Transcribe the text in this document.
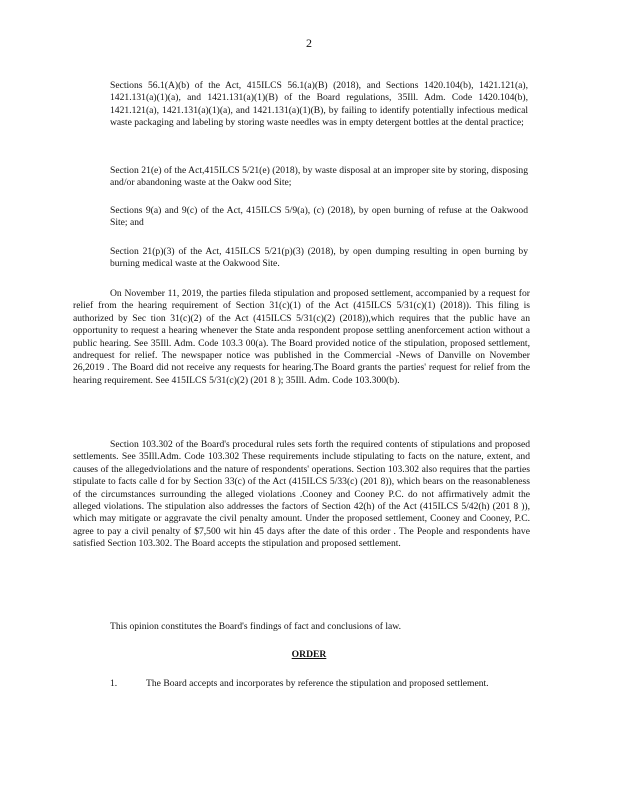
2
Sections 56.1(A)(b) of the Act, 415ILCS 56.1(a)(B) (2018), and Sections 1420.104(b), 1421.121(a), 1421.131(a)(1)(a), and 1421.131(a)(1)(B) of the Board regulations, 35Ill. Adm. Code 1420.104(b), 1421.121(a), 1421.131(a)(1)(a), and 1421.131(a)(1)(B), by failing to identify potentially infectious medical waste packaging and labeling by storing waste needles was in empty detergent bottles at the dental practice;
Section 21(e) of the Act,415ILCS 5/21(e) (2018), by waste disposal at an improper site by storing, disposing and/or abandoning waste at the Oakw ood Site;
Sections 9(a) and 9(c) of the Act, 415ILCS 5/9(a), (c) (2018), by open burning of refuse at the Oakwood Site; and
Section 21(p)(3) of the Act, 415ILCS 5/21(p)(3) (2018), by open dumping resulting in open burning by burning medical waste at the Oakwood Site.
On November 11, 2019, the parties fileda stipulation and proposed settlement, accompanied by a request for relief from the hearing requirement of Section 31(c)(1) of the Act (415ILCS 5/31(c)(1) (2018)). This filing is authorized by Sec tion 31(c)(2) of the Act (415ILCS 5/31(c)(2) (2018)),which requires that the public have an opportunity to request a hearing whenever the State anda respondent propose settling anenforcement action without a public hearing. See 35Ill. Adm. Code 103.3 00(a). The Board provided notice of the stipulation, proposed settlement, andrequest for relief. The newspaper notice was published in the Commercial -News of Danville on November 26,2019 . The Board did not receive any requests for hearing.The Board grants the parties' request for relief from the hearing requirement. See 415ILCS 5/31(c)(2) (201 8 ); 35Ill. Adm. Code 103.300(b).
Section 103.302 of the Board's procedural rules sets forth the required contents of stipulations and proposed settlements. See 35Ill.Adm. Code 103.302 These requirements include stipulating to facts on the nature, extent, and causes of the allegedviolations and the nature of respondents' operations. Section 103.302 also requires that the parties stipulate to facts calle d for by Section 33(c) of the Act (415ILCS 5/33(c) (201 8)), which bears on the reasonableness of the circumstances surrounding the alleged violations .Cooney and Cooney P.C. do not affirmatively admit the alleged violations. The stipulation also addresses the factors of Section 42(h) of the Act (415ILCS 5/42(h) (201 8 )), which may mitigate or aggravate the civil penalty amount. Under the proposed settlement, Cooney and Cooney, P.C. agree to pay a civil penalty of $7,500 wit hin 45 days after the date of this order . The People and respondents have satisfied Section 103.302. The Board accepts the stipulation and proposed settlement.
This opinion constitutes the Board's findings of fact and conclusions of law.
ORDER
1.	The Board accepts and incorporates by reference the stipulation and proposed settlement.
